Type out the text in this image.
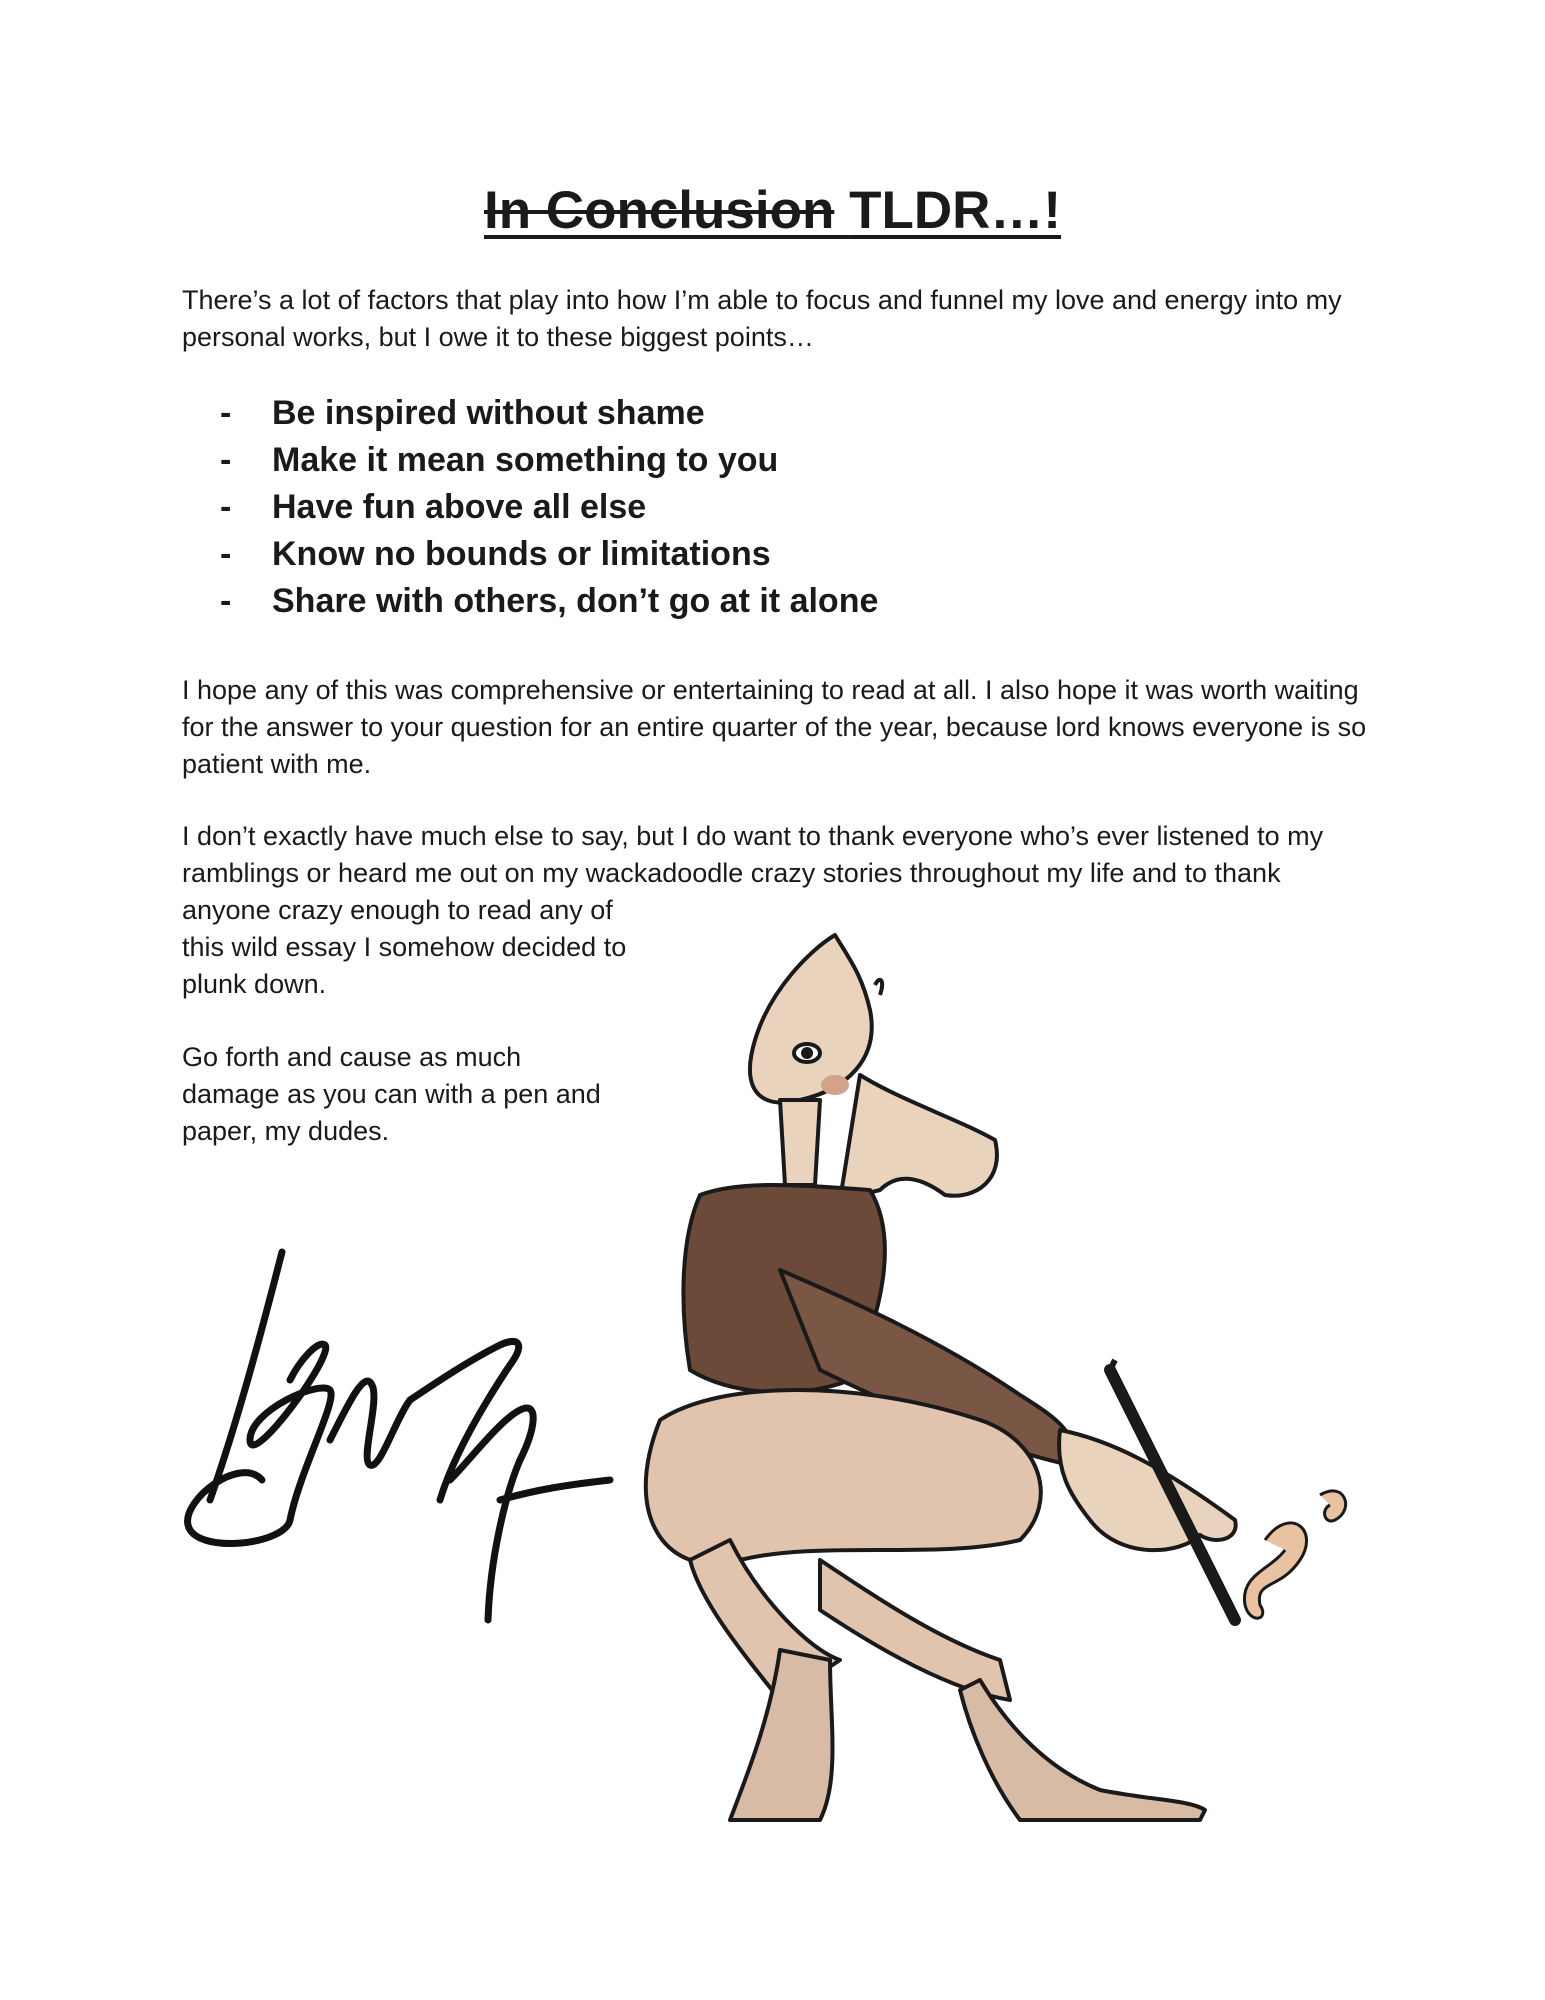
In Conclusion TLDR…!

There’s a lot of factors that play into how I’m able to focus and funnel my love and energy into my personal works, but I owe it to these biggest points…

-	Be inspired without shame
-	Make it mean something to you
-	Have fun above all else
-	Know no bounds or limitations
-	Share with others, don’t go at it alone

I hope any of this was comprehensive or entertaining to read at all. I also hope it was worth waiting for the answer to your question for an entire quarter of the year, because lord knows everyone is so patient with me.

I don’t exactly have much else to say, but I do want to thank everyone who’s ever listened to my ramblings or heard me out on my wackadoodle crazy stories throughout my life and to thank

anyone crazy enough to read any of this wild essay I somehow decided to plunk down.

Go forth and cause as much damage as you can with a pen and paper, my dudes.
